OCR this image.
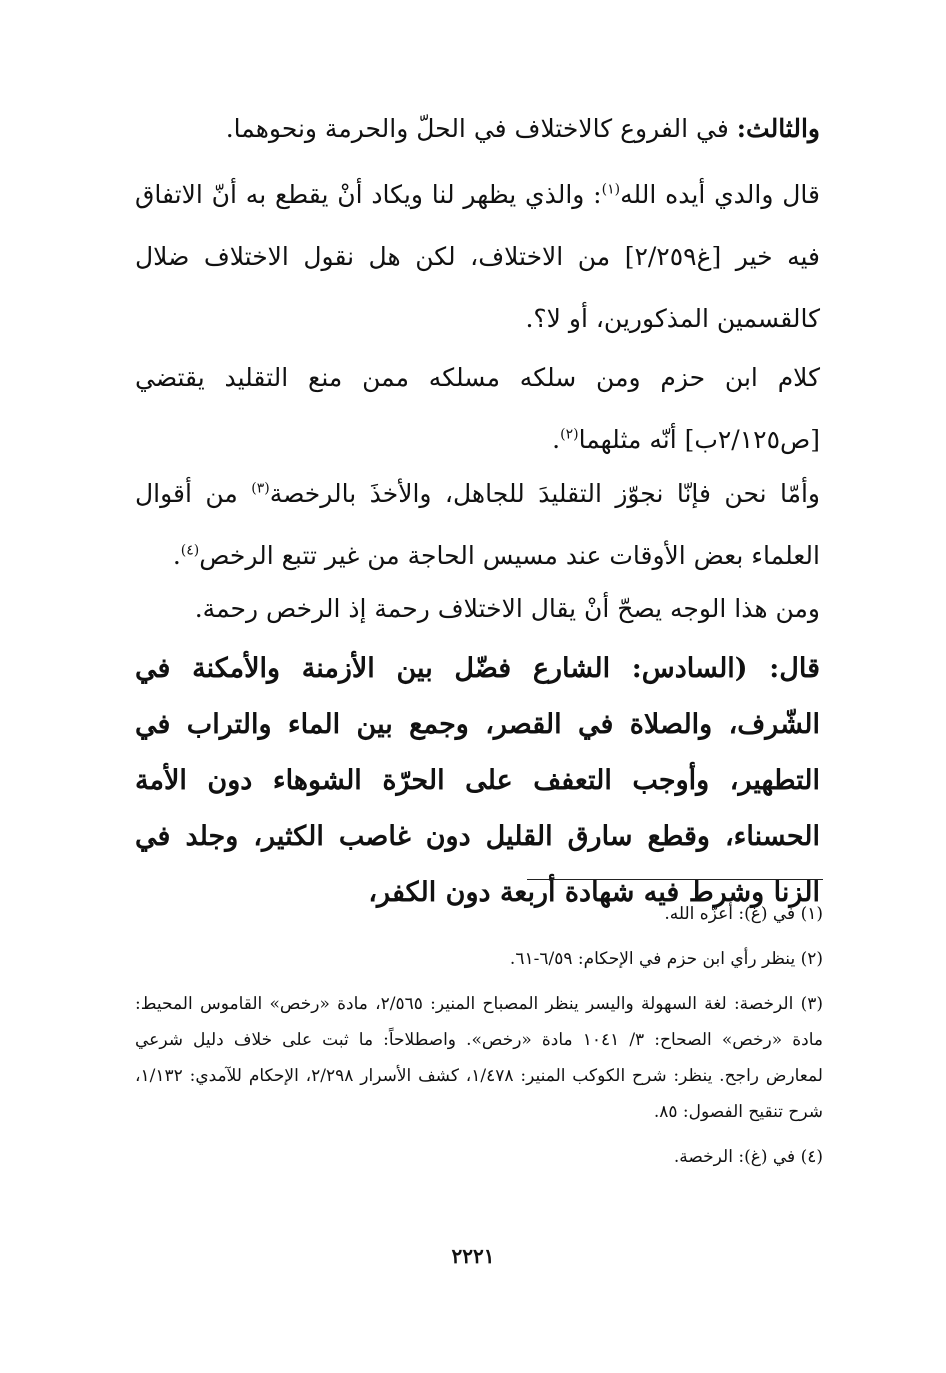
والثالث: في الفروع كالاختلاف في الحلّ والحرمة ونحوهما.

قال والدي أيده الله$^{(١)}$: والذي يظهر لنا ويكاد أنْ يقطع به أنّ الاتفاق فيه خير [غ٢/٢٥٩] من الاختلاف، لكن هل نقول الاختلاف ضلال كالقسمين المذكورين، أو لا؟.

كلام ابن حزم ومن سلكه مسلكه ممن منع التقليد يقتضي [ص٢/١٢٥ب] أنّه مثلهما$^{(٢)}$.

وأمّا نحن فإنّا نجوّز التقليدَ للجاهل، والأخذَ بالرخصة$^{(٣)}$ من أقوال العلماء بعض الأوقات عند مسيس الحاجة من غير تتبع الرخص$^{(٤)}$.

ومن هذا الوجه يصحّ أنْ يقال الاختلاف رحمة إذ الرخص رحمة.

قال: (السادس: الشارع فضّل بين الأزمنة والأمكنة في الشّرف، والصلاة في القصر، وجمع بين الماء والتراب في التطهير، وأوجب التعفف على الحرّة الشوهاء دون الأمة الحسناء، وقطع سارق القليل دون غاصب الكثير، وجلد في الزنا وشرط فيه شهادة أربعة دون الكفر،

(١) في (غ): أعزّه الله.

(٢) ينظر رأي ابن حزم في الإحكام: ٦/٥٩-٦١.

(٣) الرخصة: لغة السهولة واليسر ينظر المصباح المنير: ٢/٥٦٥، مادة «رخص» القاموس المحيط: مادة «رخص» الصحاح: ٣/ ١٠٤١ مادة «رخص». واصطلاحاً: ما ثبت على خلاف دليل شرعي لمعارض راجح. ينظر: شرح الكوكب المنير: ١/٤٧٨، كشف الأسرار ٢/٢٩٨، الإحكام للآمدي: ١/١٣٢، شرح تنقيح الفصول: ٨٥.

(٤) في (غ): الرخصة.

٢٢٢١
